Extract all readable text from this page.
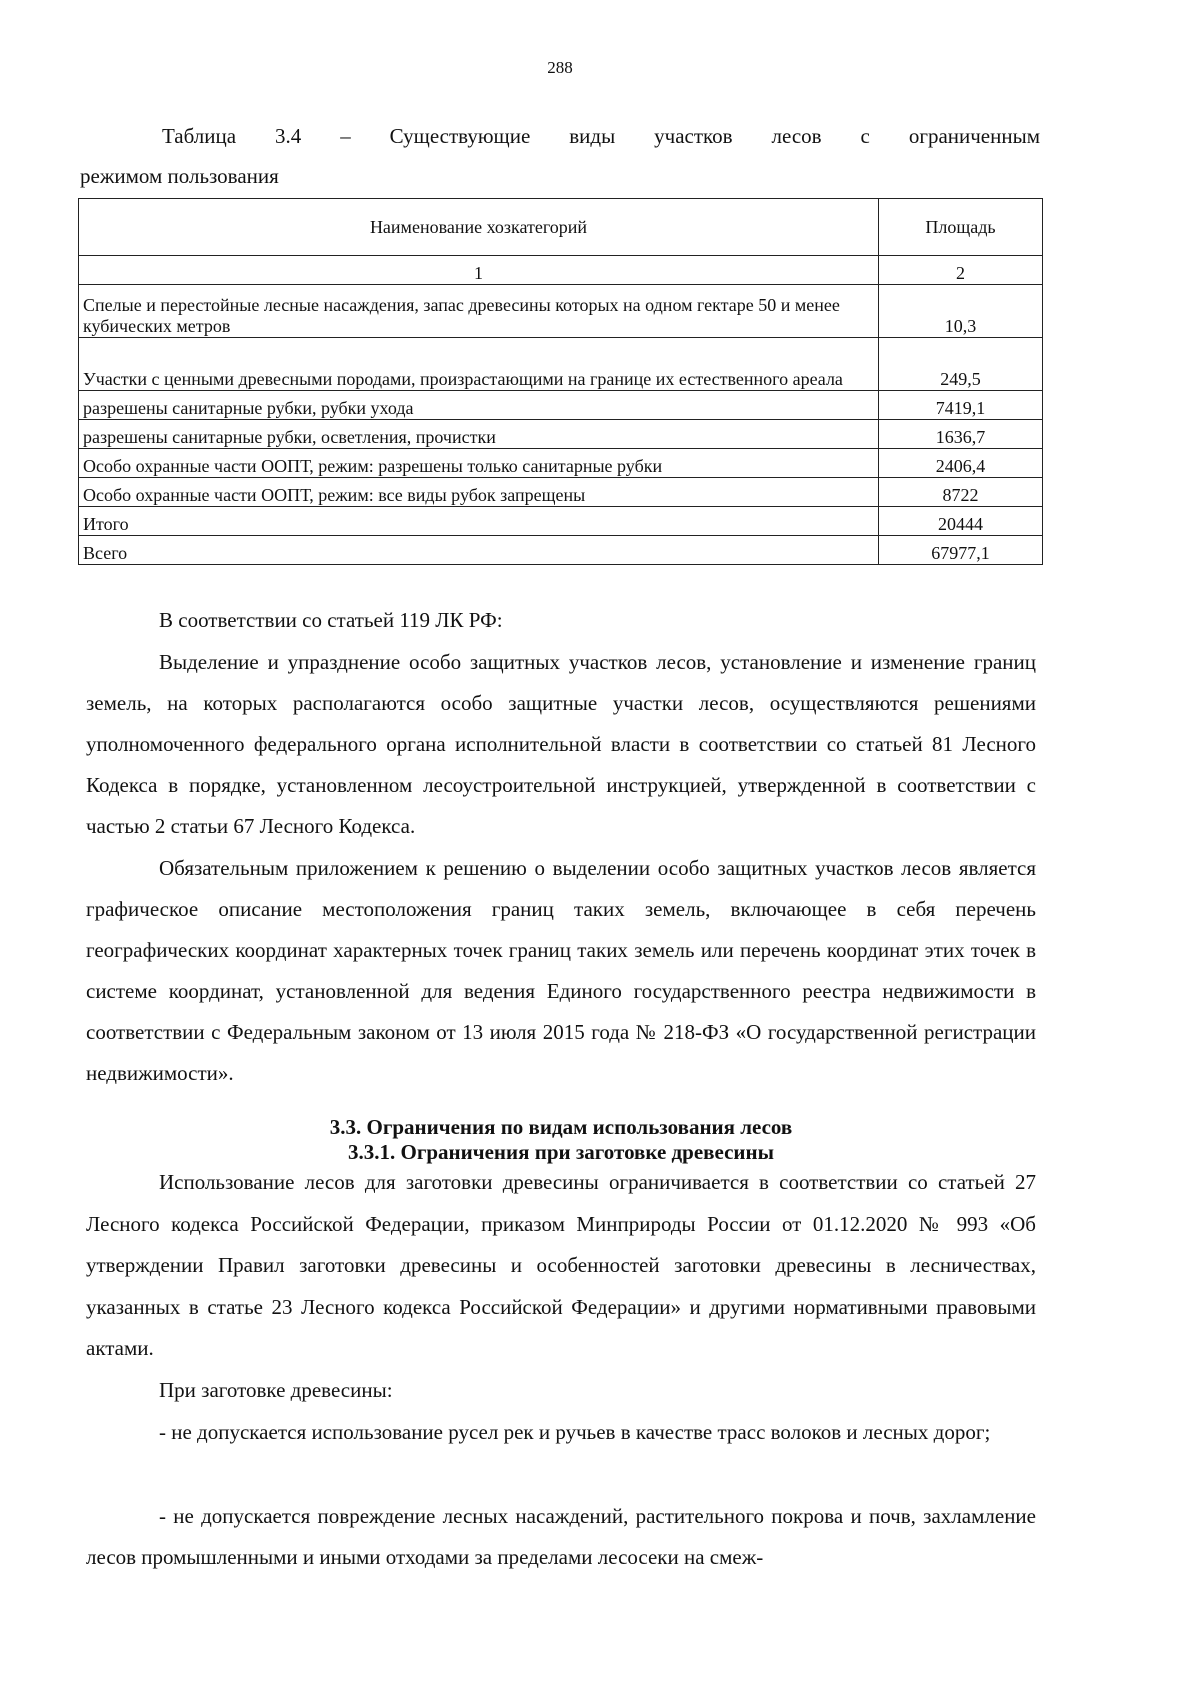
288
Таблица 3.4 – Существующие виды участков лесов с ограниченным
режимом пользования
Наименование хозкатегорий	Площадь
1	2
Спелые и перестойные лесные насаждения, запас древесины которых на одном гектаре 50 и менее кубических метров	10,3
Участки с ценными древесными породами, произрастающими на границе их естественного ареала	249,5
разрешены санитарные рубки, рубки ухода	7419,1
разрешены санитарные рубки, осветления, прочистки	1636,7
Особо охранные части ООПТ, режим: разрешены только санитарные рубки	2406,4
Особо охранные части ООПТ, режим: все виды рубок запрещены	8722
Итого	20444
Всего	67977,1

В соответствии со статьей 119 ЛК РФ:

Выделение и упразднение особо защитных участков лесов, установление и изменение границ земель, на которых располагаются особо защитные участки лесов, осуществляются решениями уполномоченного федерального органа исполнительной власти в соответствии со статьей 81 Лесного Кодекса в порядке, установленном лесоустроительной инструкцией, утвержденной в соответствии с частью 2 статьи 67 Лесного Кодекса.

Обязательным приложением к решению о выделении особо защитных участков лесов является графическое описание местоположения границ таких земель, включающее в себя перечень географических координат характерных точек границ таких земель или перечень координат этих точек в системе координат, установленной для ведения Единого государственного реестра недвижимости в соответствии с Федеральным законом от 13 июля 2015 года № 218-ФЗ «О государственной регистрации недвижимости».

3.3. Ограничения по видам использования лесов
3.3.1. Ограничения при заготовке древесины

Использование лесов для заготовки древесины ограничивается в соответствии со статьей 27 Лесного кодекса Российской Федерации, приказом Минприроды России от 01.12.2020 № 993 «Об утверждении Правил заготовки древесины и особенностей заготовки древесины в лесничествах, указанных в статье 23 Лесного кодекса Российской Федерации» и другими нормативными правовыми актами.

При заготовке древесины:

- не допускается использование русел рек и ручьев в качестве трасс волоков и лесных дорог;

- не допускается повреждение лесных насаждений, растительного покрова и почв, захламление лесов промышленными и иными отходами за пределами лесосеки на смеж-
